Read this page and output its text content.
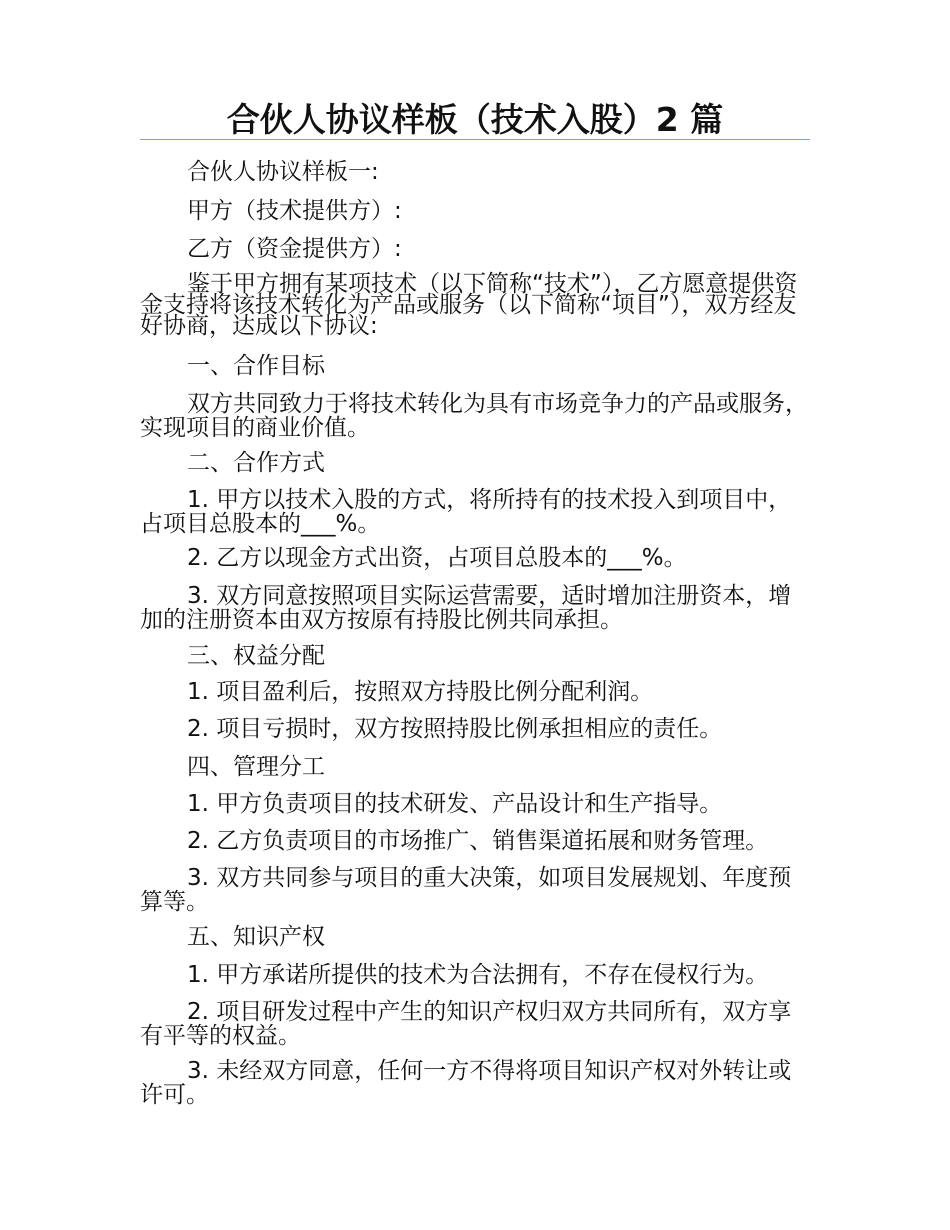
合伙人协议样板（技术入股）2 篇

合伙人协议样板一:

甲方（技术提供方）:

乙方（资金提供方）:

鉴于甲方拥有某项技术（以下简称“技术”），乙方愿意提供资金支持将该技术转化为产品或服务（以下简称“项目”），双方经友好协商，达成以下协议:

一、合作目标

双方共同致力于将技术转化为具有市场竞争力的产品或服务，实现项目的商业价值。

二、合作方式

1. 甲方以技术入股的方式，将所持有的技术投入到项目中，占项目总股本的___%。

2. 乙方以现金方式出资，占项目总股本的___%。

3. 双方同意按照项目实际运营需要，适时增加注册资本，增加的注册资本由双方按原有持股比例共同承担。

三、权益分配

1. 项目盈利后，按照双方持股比例分配利润。

2. 项目亏损时，双方按照持股比例承担相应的责任。

四、管理分工

1. 甲方负责项目的技术研发、产品设计和生产指导。

2. 乙方负责项目的市场推广、销售渠道拓展和财务管理。

3. 双方共同参与项目的重大决策，如项目发展规划、年度预算等。

五、知识产权

1. 甲方承诺所提供的技术为合法拥有，不存在侵权行为。

2. 项目研发过程中产生的知识产权归双方共同所有，双方享有平等的权益。

3. 未经双方同意，任何一方不得将项目知识产权对外转让或许可。
